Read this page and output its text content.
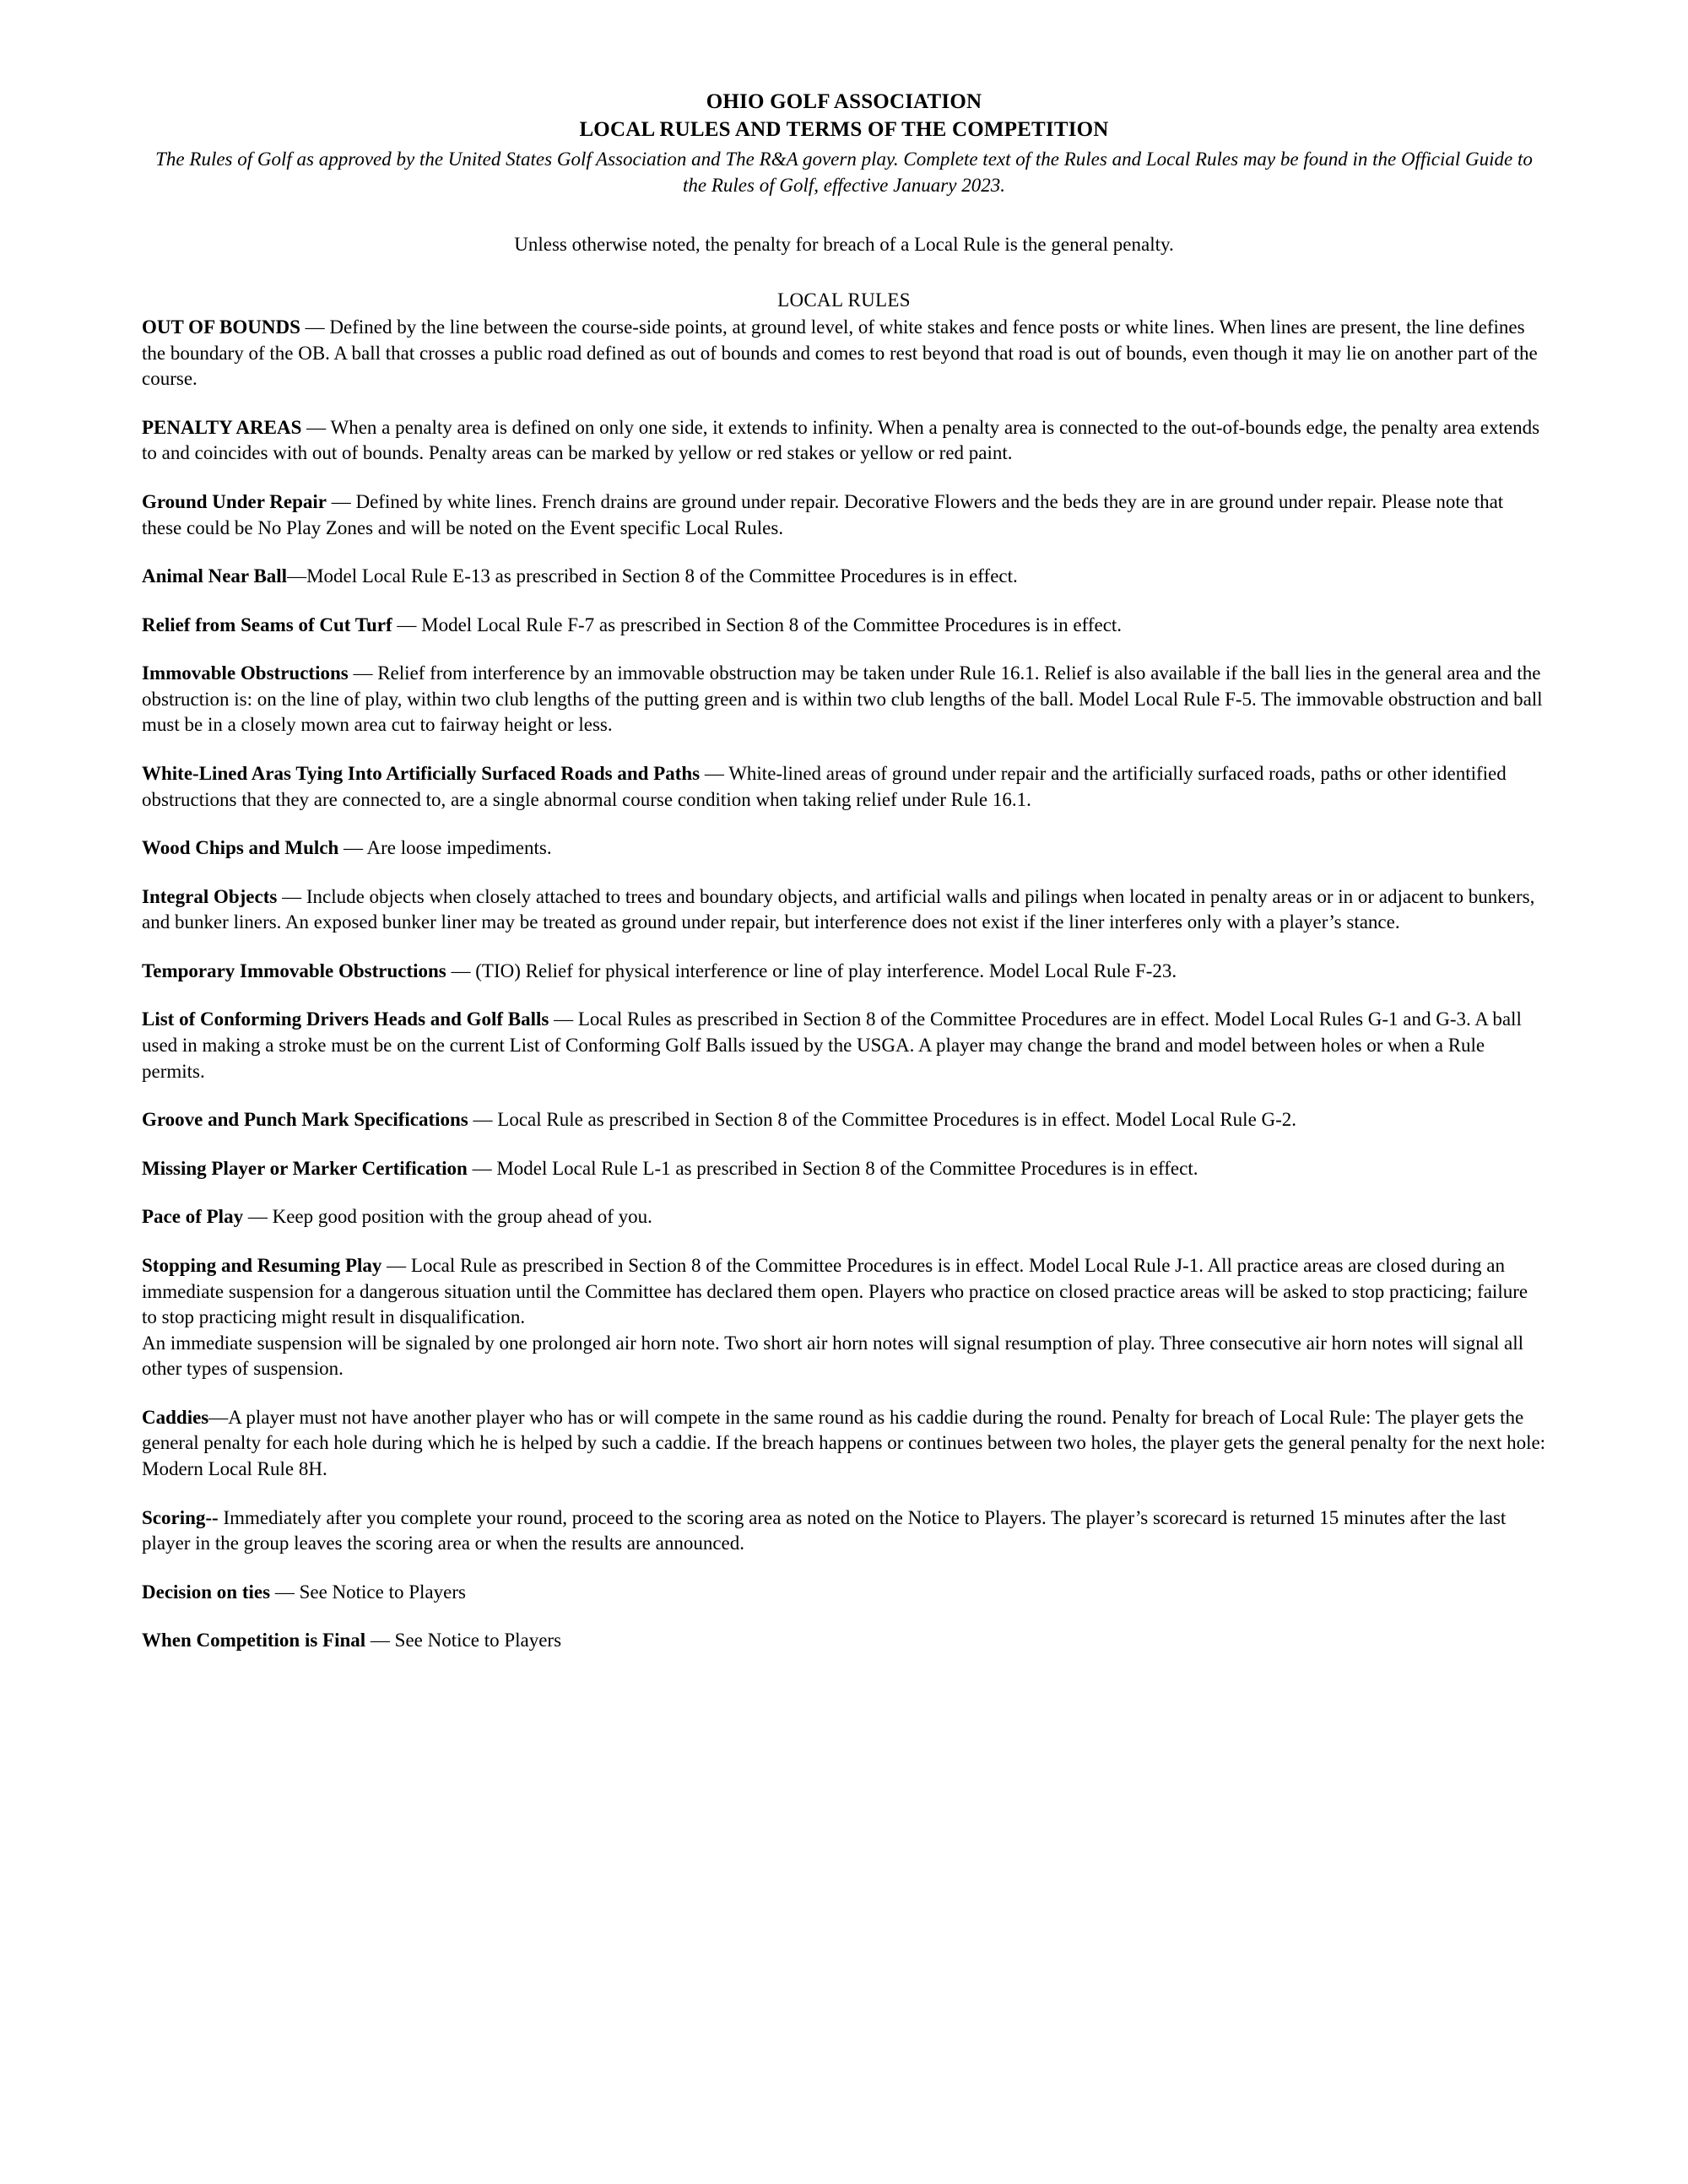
OHIO GOLF ASSOCIATION
LOCAL RULES AND TERMS OF THE COMPETITION
The Rules of Golf as approved by the United States Golf Association and The R&A govern play. Complete text of the Rules and Local Rules may be found in the Official Guide to the Rules of Golf, effective January 2023.
Unless otherwise noted, the penalty for breach of a Local Rule is the general penalty.
LOCAL RULES

OUT OF BOUNDS — Defined by the line between the course-side points, at ground level, of white stakes and fence posts or white lines. When lines are present, the line defines the boundary of the OB. A ball that crosses a public road defined as out of bounds and comes to rest beyond that road is out of bounds, even though it may lie on another part of the course.

PENALTY AREAS — When a penalty area is defined on only one side, it extends to infinity. When a penalty area is connected to the out-of-bounds edge, the penalty area extends to and coincides with out of bounds. Penalty areas can be marked by yellow or red stakes or yellow or red paint.

Ground Under Repair — Defined by white lines. French drains are ground under repair. Decorative Flowers and the beds they are in are ground under repair. Please note that these could be No Play Zones and will be noted on the Event specific Local Rules.

Animal Near Ball—Model Local Rule E-13 as prescribed in Section 8 of the Committee Procedures is in effect.

Relief from Seams of Cut Turf — Model Local Rule F-7 as prescribed in Section 8 of the Committee Procedures is in effect.

Immovable Obstructions — Relief from interference by an immovable obstruction may be taken under Rule 16.1. Relief is also available if the ball lies in the general area and the obstruction is: on the line of play, within two club lengths of the putting green and is within two club lengths of the ball. Model Local Rule F-5. The immovable obstruction and ball must be in a closely mown area cut to fairway height or less.

White-Lined Aras Tying Into Artificially Surfaced Roads and Paths — White-lined areas of ground under repair and the artificially surfaced roads, paths or other identified obstructions that they are connected to, are a single abnormal course condition when taking relief under Rule 16.1.

Wood Chips and Mulch — Are loose impediments.

Integral Objects — Include objects when closely attached to trees and boundary objects, and artificial walls and pilings when located in penalty areas or in or adjacent to bunkers, and bunker liners. An exposed bunker liner may be treated as ground under repair, but interference does not exist if the liner interferes only with a player’s stance.

Temporary Immovable Obstructions — (TIO) Relief for physical interference or line of play interference. Model Local Rule F-23.

List of Conforming Drivers Heads and Golf Balls — Local Rules as prescribed in Section 8 of the Committee Procedures are in effect. Model Local Rules G-1 and G-3. A ball used in making a stroke must be on the current List of Conforming Golf Balls issued by the USGA. A player may change the brand and model between holes or when a Rule permits.

Groove and Punch Mark Specifications — Local Rule as prescribed in Section 8 of the Committee Procedures is in effect. Model Local Rule G-2.

Missing Player or Marker Certification — Model Local Rule L-1 as prescribed in Section 8 of the Committee Procedures is in effect.

Pace of Play — Keep good position with the group ahead of you.

Stopping and Resuming Play — Local Rule as prescribed in Section 8 of the Committee Procedures is in effect. Model Local Rule J-1. All practice areas are closed during an immediate suspension for a dangerous situation until the Committee has declared them open. Players who practice on closed practice areas will be asked to stop practicing; failure to stop practicing might result in disqualification.

An immediate suspension will be signaled by one prolonged air horn note. Two short air horn notes will signal resumption of play. Three consecutive air horn notes will signal all other types of suspension.

Caddies—A player must not have another player who has or will compete in the same round as his caddie during the round. Penalty for breach of Local Rule: The player gets the general penalty for each hole during which he is helped by such a caddie. If the breach happens or continues between two holes, the player gets the general penalty for the next hole: Modern Local Rule 8H.

Scoring-- Immediately after you complete your round, proceed to the scoring area as noted on the Notice to Players. The player’s scorecard is returned 15 minutes after the last player in the group leaves the scoring area or when the results are announced.

Decision on ties — See Notice to Players

When Competition is Final — See Notice to Players
